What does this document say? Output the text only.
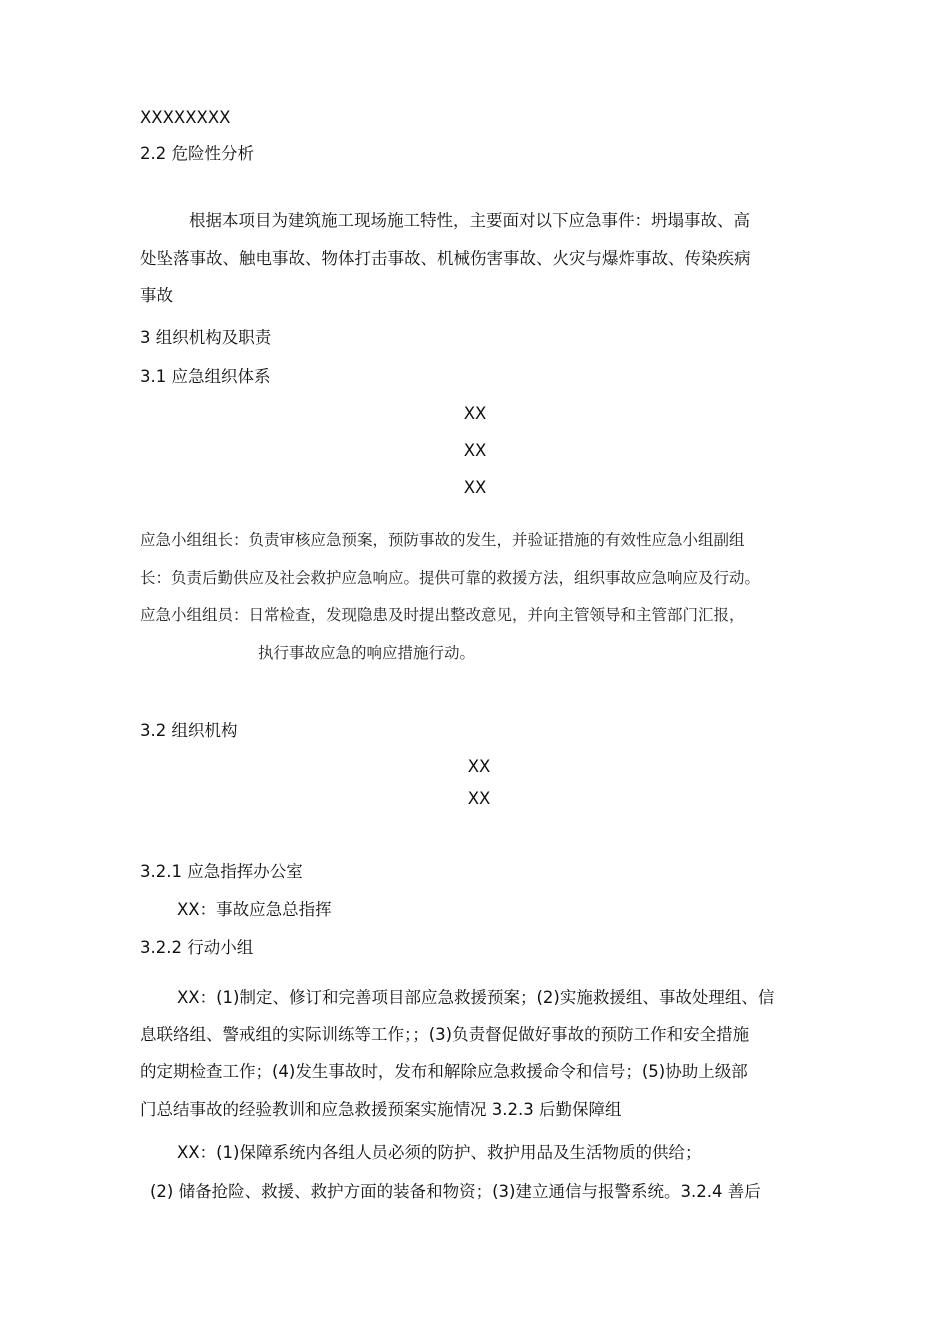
XXXXXXXX
2.2 危险性分析
根据本项目为建筑施工现场施工特性，主要面对以下应急事件：坍塌事故、高
处坠落事故、触电事故、物体打击事故、机械伤害事故、火灾与爆炸事故、传染疾病
事故
3 组织机构及职责
3.1 应急组织体系
XX
XX
XX
应急小组组长：负责审核应急预案，预防事故的发生，并验证措施的有效性应急小组副组
长：负责后勤供应及社会救护应急响应。提供可靠的救援方法，组织事故应急响应及行动。
应急小组组员：日常检查，发现隐患及时提出整改意见，并向主管领导和主管部门汇报，
执行事故应急的响应措施行动。
3.2 组织机构
XX
XX
3.2.1 应急指挥办公室
XX：事故应急总指挥
3.2.2 行动小组
XX：(1)制定、修订和完善项目部应急救援预案；(2)实施救援组、事故处理组、信
息联络组、警戒组的实际训练等工作；；(3)负责督促做好事故的预防工作和安全措施
的定期检查工作；(4)发生事故时，发布和解除应急救援命令和信号；(5)协助上级部
门总结事故的经验教训和应急救援预案实施情况 3.2.3 后勤保障组
XX：(1)保障系统内各组人员必须的防护、救护用品及生活物质的供给；
(2) 储备抢险、救援、救护方面的装备和物资；(3)建立通信与报警系统。3.2.4 善后
